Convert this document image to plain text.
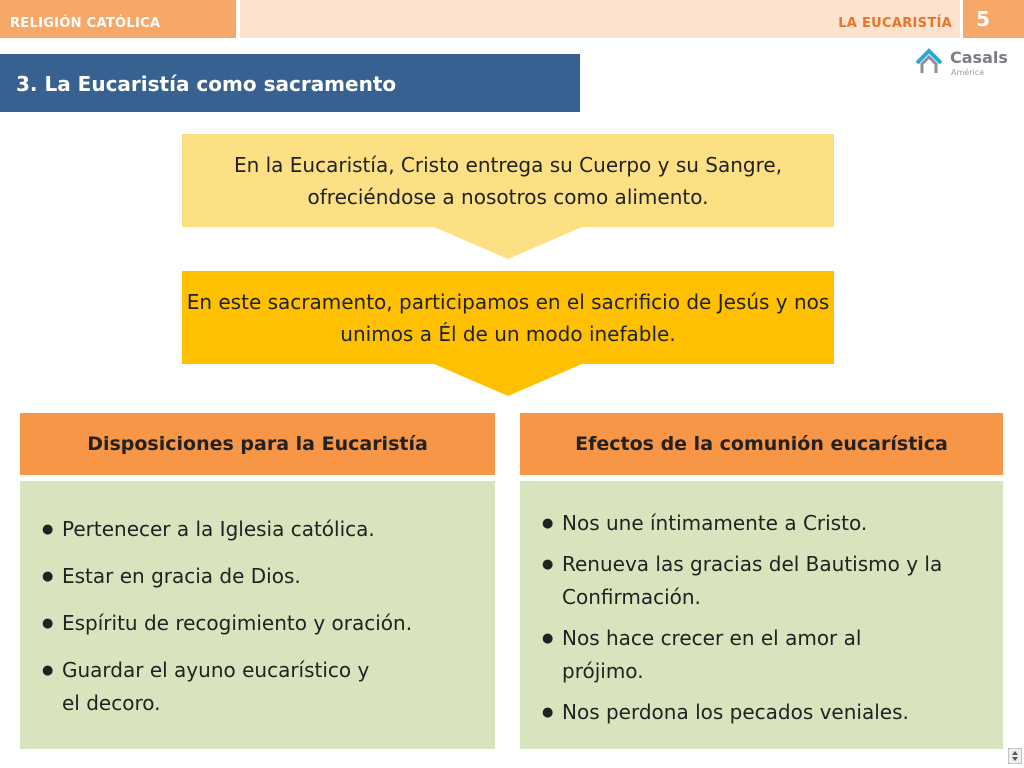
RELIGIÓN CATÓLICA	LA EUCARISTÍA 5
Casals
América
3. La Eucaristía como sacramento
En la Eucaristía, Cristo entrega su Cuerpo y su Sangre, ofreciéndose a nosotros como alimento.
En este sacramento, participamos en el sacrificio de Jesús y nos unimos a Él de un modo inefable.
Disposiciones para la Eucaristía
● Pertenecer a la Iglesia católica.
● Estar en gracia de Dios.
● Espíritu de recogimiento y oración.
● Guardar el ayuno eucarístico y el decoro.
Efectos de la comunión eucarística
● Nos une íntimamente a Cristo.
● Renueva las gracias del Bautismo y la Confirmación.
● Nos hace crecer en el amor al prójimo.
● Nos perdona los pecados veniales.
